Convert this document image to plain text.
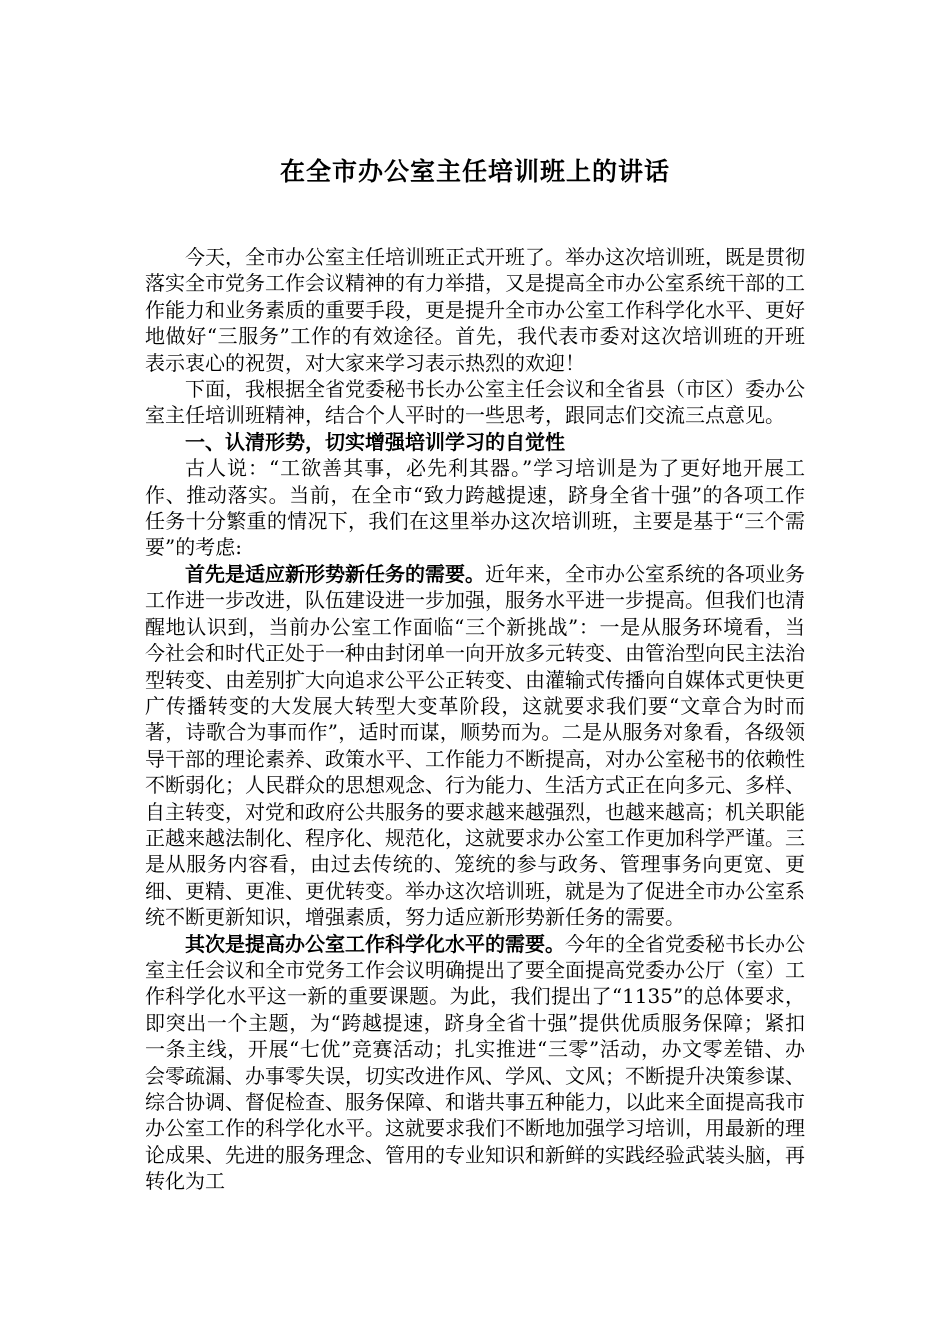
在全市办公室主任培训班上的讲话

今天，全市办公室主任培训班正式开班了。举办这次培训班，既是贯彻落实全市党务工作会议精神的有力举措，又是提高全市办公室系统干部的工作能力和业务素质的重要手段，更是提升全市办公室工作科学化水平、更好地做好“三服务”工作的有效途径。首先，我代表市委对这次培训班的开班表示衷心的祝贺，对大家来学习表示热烈的欢迎！

下面，我根据全省党委秘书长办公室主任会议和全省县（市区）委办公室主任培训班精神，结合个人平时的一些思考，跟同志们交流三点意见。

一、认清形势，切实增强培训学习的自觉性

古人说：“工欲善其事，必先利其器。”学习培训是为了更好地开展工作、推动落实。当前，在全市“致力跨越提速，跻身全省十强”的各项工作任务十分繁重的情况下，我们在这里举办这次培训班，主要是基于“三个需要”的考虑:

首先是适应新形势新任务的需要。近年来，全市办公室系统的各项业务工作进一步改进，队伍建设进一步加强，服务水平进一步提高。但我们也清醒地认识到，当前办公室工作面临“三个新挑战”：一是从服务环境看，当今社会和时代正处于一种由封闭单一向开放多元转变、由管治型向民主法治型转变、由差别扩大向追求公平公正转变、由灌输式传播向自媒体式更快更广传播转变的大发展大转型大变革阶段，这就要求我们要“文章合为时而著，诗歌合为事而作”，适时而谋，顺势而为。二是从服务对象看，各级领导干部的理论素养、政策水平、工作能力不断提高，对办公室秘书的依赖性不断弱化；人民群众的思想观念、行为能力、生活方式正在向多元、多样、自主转变，对党和政府公共服务的要求越来越强烈，也越来越高；机关职能正越来越法制化、程序化、规范化，这就要求办公室工作更加科学严谨。三是从服务内容看，由过去传统的、笼统的参与政务、管理事务向更宽、更细、更精、更准、更优转变。举办这次培训班，就是为了促进全市办公室系统不断更新知识，增强素质，努力适应新形势新任务的需要。

其次是提高办公室工作科学化水平的需要。今年的全省党委秘书长办公室主任会议和全市党务工作会议明确提出了要全面提高党委办公厅（室）工作科学化水平这一新的重要课题。为此，我们提出了“1135”的总体要求，即突出一个主题，为“跨越提速，跻身全省十强”提供优质服务保障；紧扣一条主线，开展“七优”竞赛活动；扎实推进“三零”活动，办文零差错、办会零疏漏、办事零失误，切实改进作风、学风、文风；不断提升决策参谋、综合协调、督促检查、服务保障、和谐共事五种能力，以此来全面提高我市办公室工作的科学化水平。这就要求我们不断地加强学习培训，用最新的理论成果、先进的服务理念、管用的专业知识和新鲜的实践经验武装头脑，再转化为工
